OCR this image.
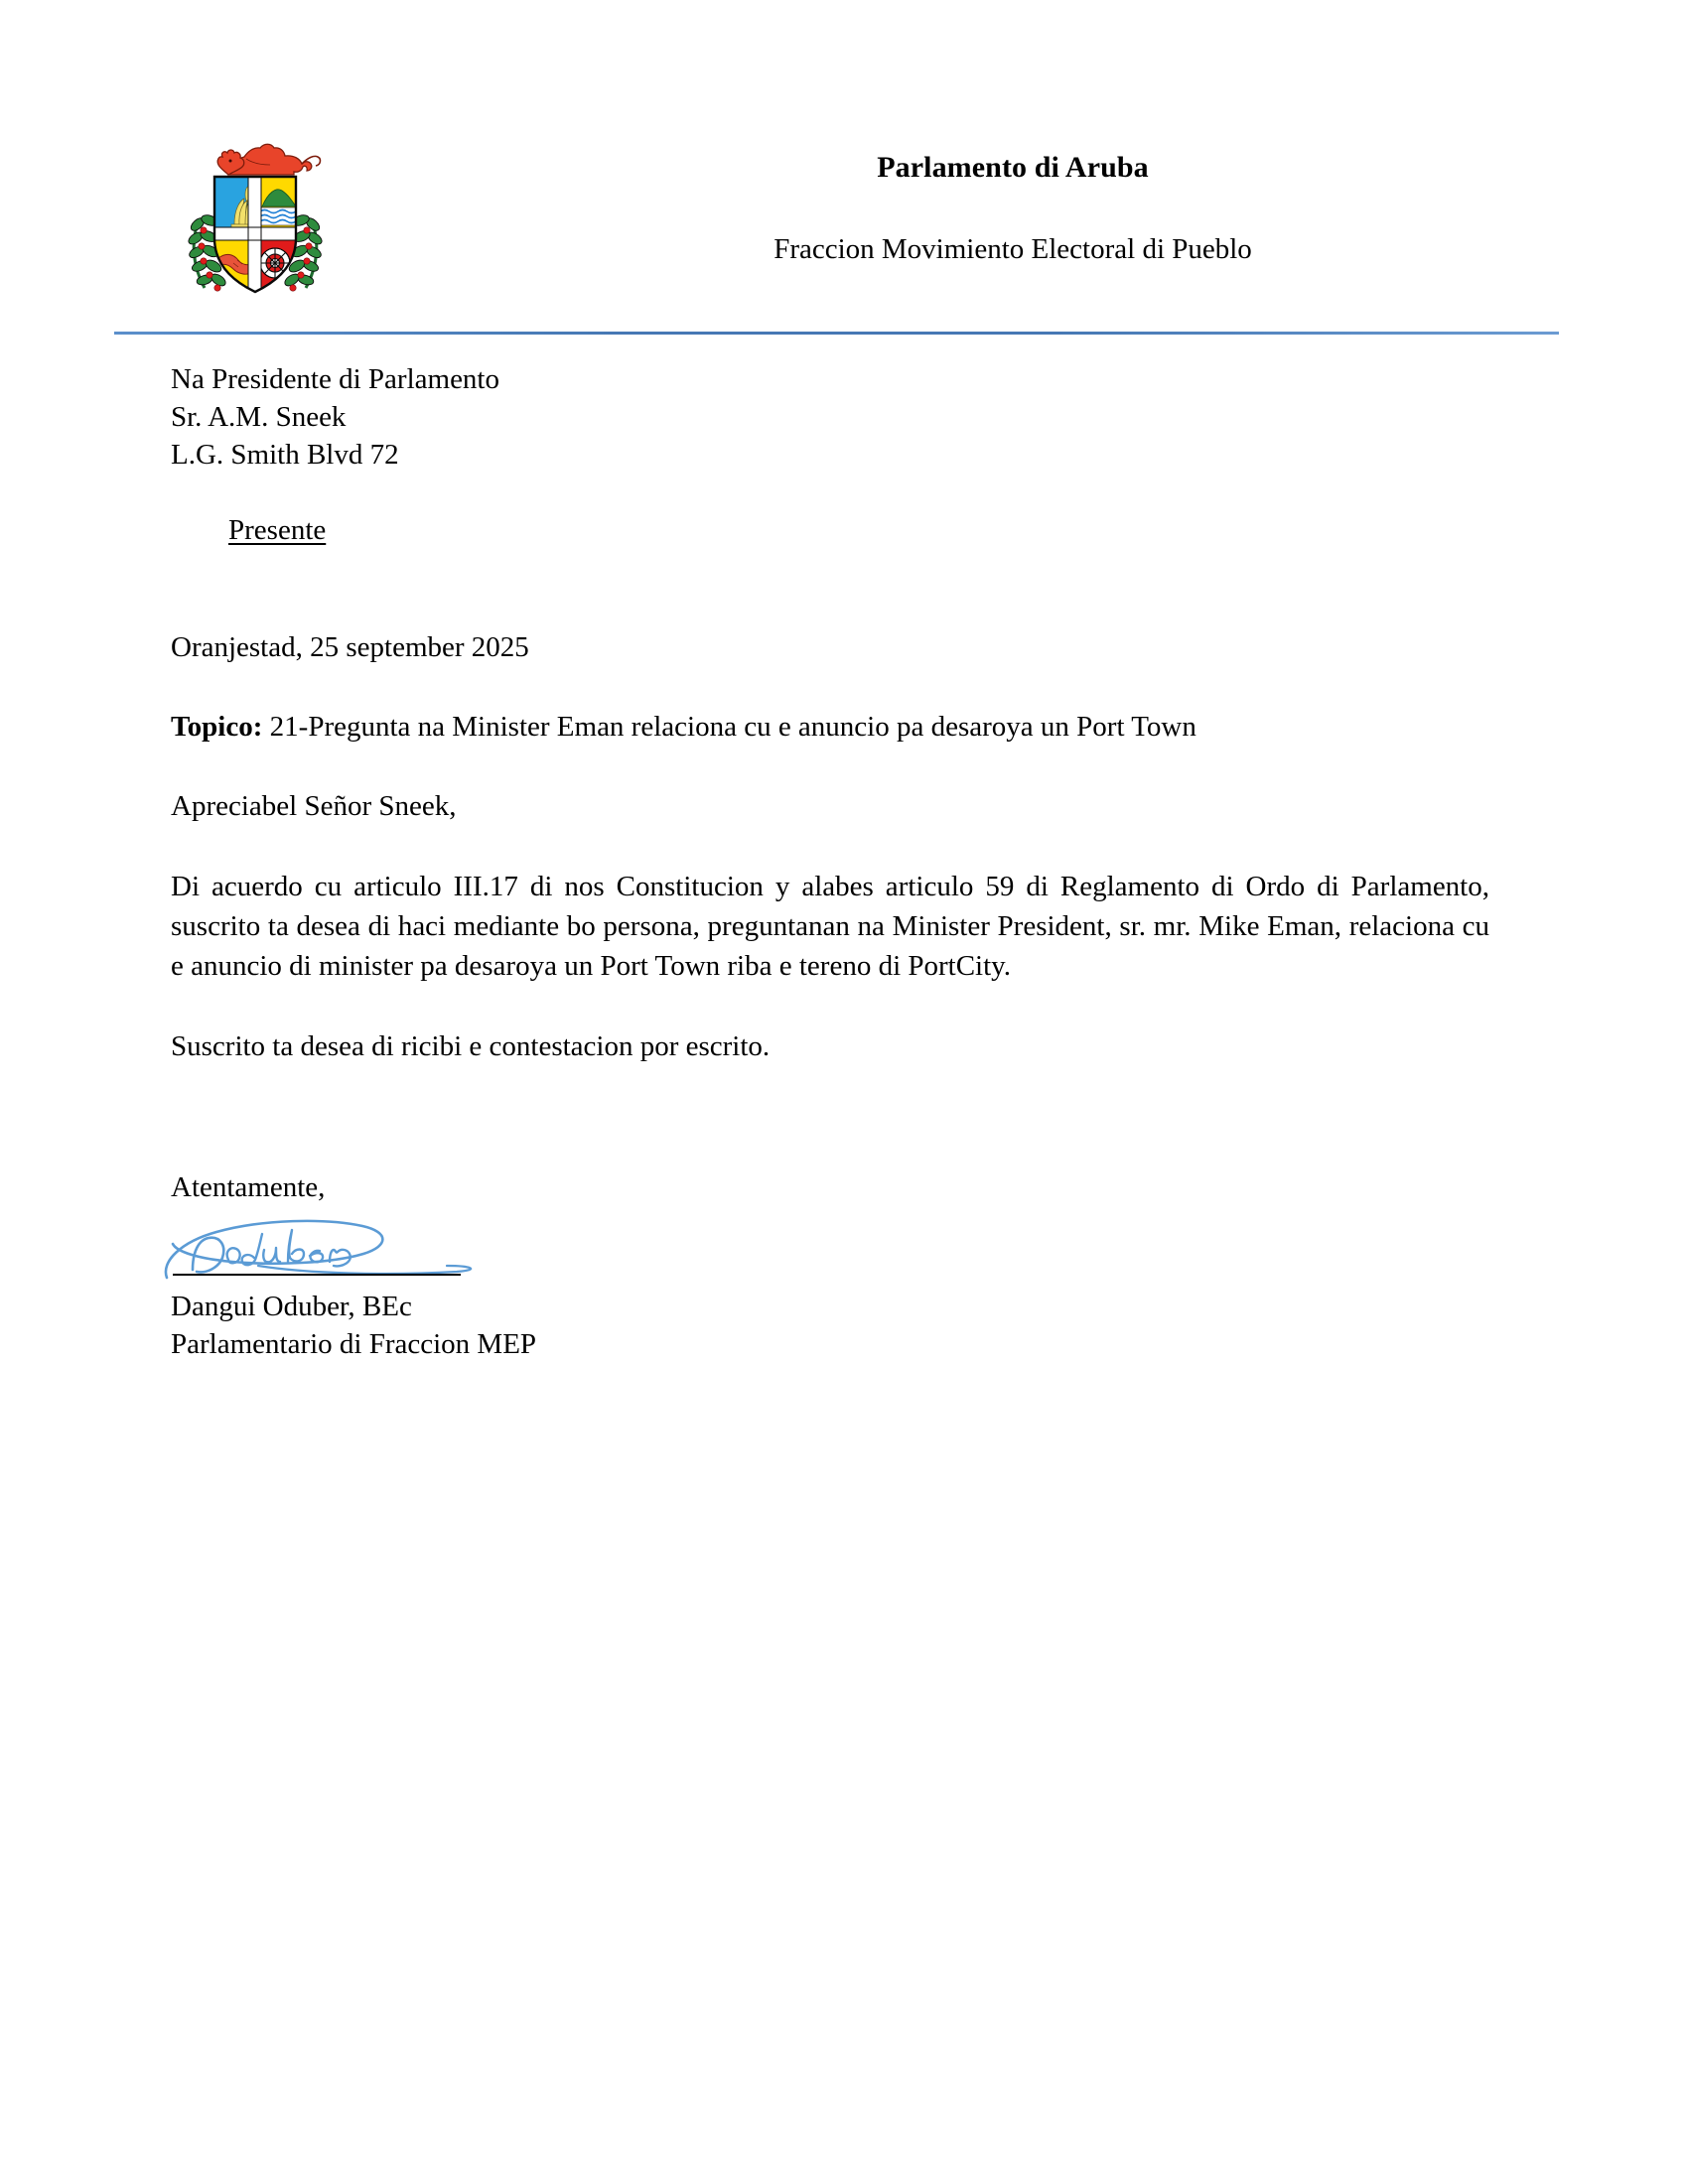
Parlamento di Aruba
Fraccion Movimiento Electoral di Pueblo
Na Presidente di Parlamento
Sr. A.M. Sneek
L.G. Smith Blvd 72

Presente

Oranjestad, 25 september 2025
Topico: 21-Pregunta na Minister Eman relaciona cu e anuncio pa desaroya un Port Town
Apreciabel Señor Sneek,
Di acuerdo cu articulo III.17 di nos Constitucion y alabes articulo 59 di Reglamento di Ordo di Parlamento, suscrito ta desea di haci mediante bo persona, preguntanan na Minister President, sr. mr. Mike Eman, relaciona cu e anuncio di minister pa desaroya un Port Town riba e tereno di PortCity.
Suscrito ta desea di ricibi e contestacion por escrito.
Atentamente,
Dangui Oduber, BEc
Parlamentario di Fraccion MEP
